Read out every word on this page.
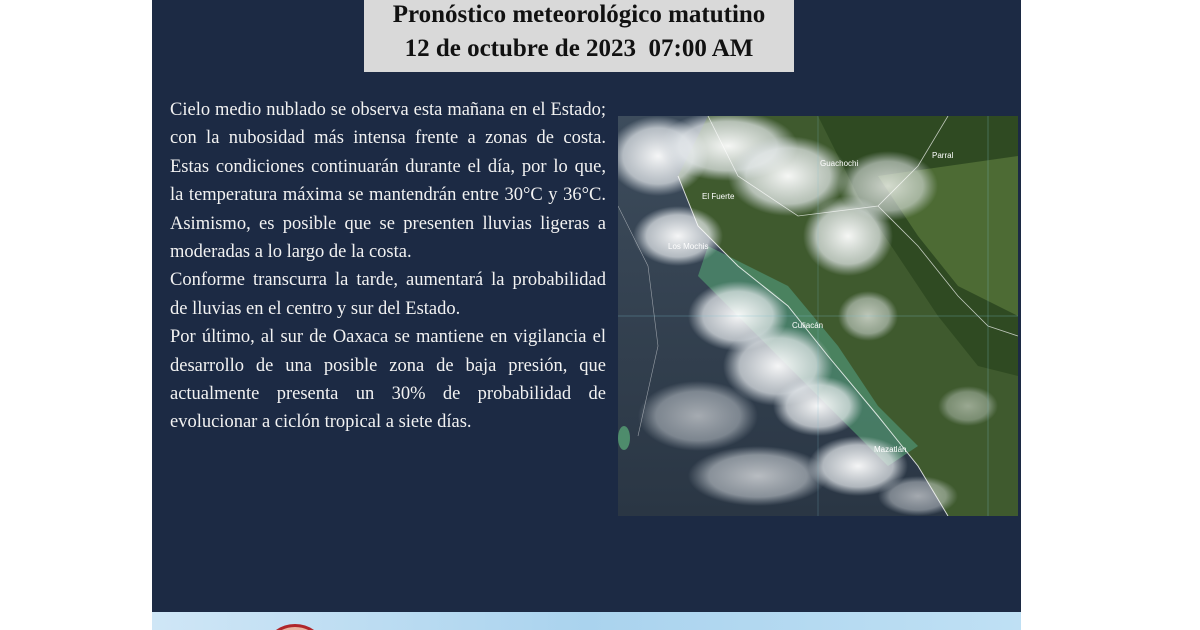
Pronóstico meteorológico matutino
12 de octubre de 2023  07:00 AM

Cielo medio nublado se observa esta mañana en el Estado; con la nubosidad más intensa frente a zonas de costa. Estas condiciones continuarán durante el día, por lo que, la temperatura máxima se mantendrán entre 30°C y 36°C. Asimismo, es posible que se presenten lluvias ligeras a moderadas a lo largo de la costa.

Conforme transcurra la tarde, aumentará la probabilidad de lluvias en el centro y sur del Estado.

Por último, al sur de Oaxaca se mantiene en vigilancia el desarrollo de una posible zona de baja presión, que actualmente presenta un 30% de probabilidad de evolucionar a ciclón tropical a siete días.

Guachochi
Parral
El Fuerte
Los Mochis
Culiacán
Mazatlán
